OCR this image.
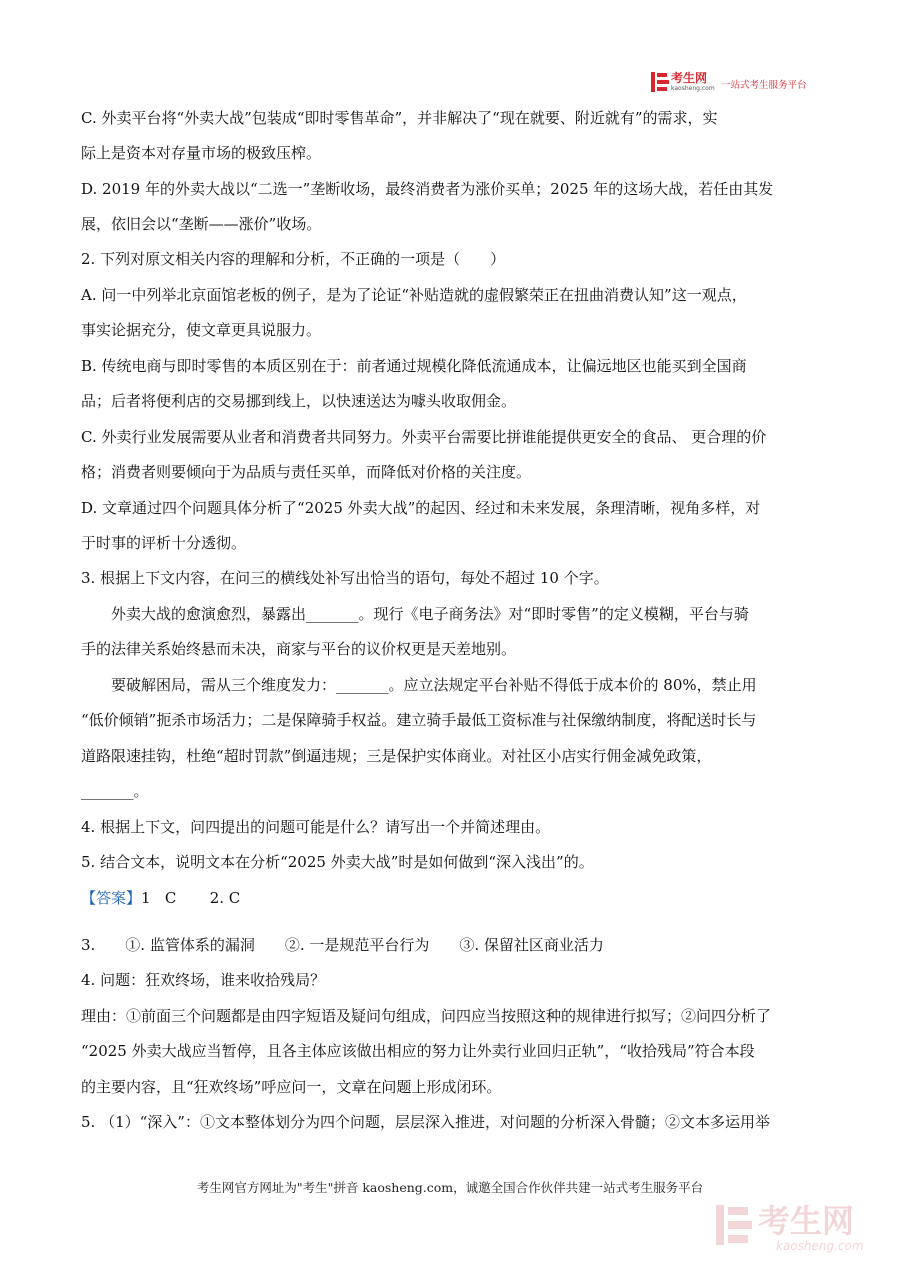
考生网
kaosheng.com 一站式考生服务平台
C. 外卖平台将“外卖大战”包装成“即时零售革命”，并非解决了“现在就要、附近就有”的需求，实
际上是资本对存量市场的极致压榨。
D. 2019 年的外卖大战以“二选一”垄断收场，最终消费者为涨价买单；2025 年的这场大战，若任由其发
展，依旧会以“垄断——涨价”收场。
2. 下列对原文相关内容的理解和分析，不正确的一项是（　　）
A. 问一中列举北京面馆老板的例子，是为了论证“补贴造就的虚假繁荣正在扭曲消费认知”这一观点，
事实论据充分，使文章更具说服力。
B. 传统电商与即时零售的本质区别在于：前者通过规模化降低流通成本，让偏远地区也能买到全国商
品；后者将便利店的交易挪到线上，以快速送达为噱头收取佣金。
C. 外卖行业发展需要从业者和消费者共同努力。外卖平台需要比拼谁能提供更安全的食品、 更合理的价
格；消费者则要倾向于为品质与责任买单，而降低对价格的关注度。
D. 文章通过四个问题具体分析了“2025 外卖大战”的起因、经过和未来发展，条理清晰，视角多样，对
于时事的评析十分透彻。
3. 根据上下文内容，在问三的横线处补写出恰当的语句，每处不超过 10 个字。
　　外卖大战的愈演愈烈，暴露出_______。现行《电子商务法》对“即时零售”的定义模糊，平台与骑
手的法律关系始终悬而未决，商家与平台的议价权更是天差地别。
　　要破解困局，需从三个维度发力：_______。应立法规定平台补贴不得低于成本价的 80%，禁止用
“低价倾销”扼杀市场活力；二是保障骑手权益。建立骑手最低工资标准与社保缴纳制度，将配送时长与
道路限速挂钩，杜绝“超时罚款”倒逼违规；三是保护实体商业。对社区小店实行佣金减免政策，
_______。
4. 根据上下文，问四提出的问题可能是什么？请写出一个并简述理由。
5. 结合文本，说明文本在分析“2025 外卖大战”时是如何做到“深入浅出”的。
【答案】1   C       2. C
3.　　①. 监管体系的漏洞　　②. 一是规范平台行为　　③. 保留社区商业活力
4. 问题：狂欢终场，谁来收拾残局？
理由：①前面三个问题都是由四字短语及疑问句组成，问四应当按照这种的规律进行拟写；②问四分析了
“2025 外卖大战应当暂停，且各主体应该做出相应的努力让外卖行业回归正轨”，“收拾残局”符合本段
的主要内容，且“狂欢终场”呼应问一，文章在问题上形成闭环。
5. （1）“深入”：①文本整体划分为四个问题，层层深入推进，对问题的分析深入骨髓；②文本多运用举
考生网官方网址为"考生"拼音 kaosheng.com，诚邀全国合作伙伴共建一站式考生服务平台
考生网
kaosheng.com
